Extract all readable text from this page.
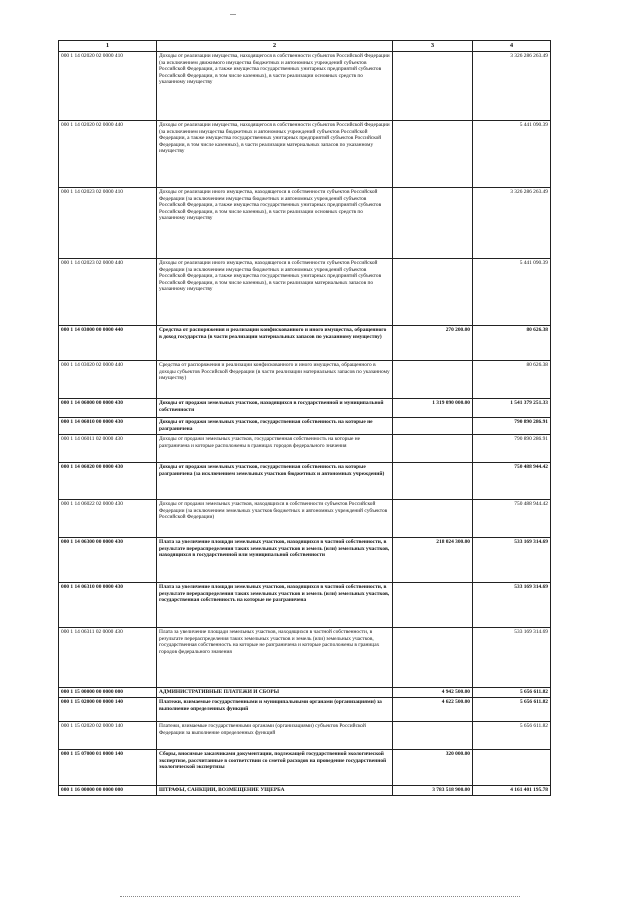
1	2	3	4
000 1 14 02020 02 0000 410	Доходы от реализации имущества, находящегося в собственности субъектов Российской Федерации (за исключением движимого имущества бюджетных и автономных учреждений субъектов Российской Федерации, а также имущества государственных унитарных предприятий субъектов Российской Федерации, в том числе казенных), в части реализации основных средств по указанному имуществу		3 326 286 263.49
000 1 14 02020 02 0000 440	Доходы от реализации имущества, находящегося в собственности субъектов Российской Федерации (за исключением имущества бюджетных и автономных учреждений субъектов Российской Федерации, а также имущества государственных унитарных предприятий субъектов Российской Федерации, в том числе казенных), в части реализации материальных запасов по указанному имуществу		5 441 090.39
000 1 14 02023 02 0000 410	Доходы от реализации иного имущества, находящегося в собственности субъектов Российской Федерации (за исключением имущества бюджетных и автономных учреждений субъектов Российской Федерации, а также имущества государственных унитарных предприятий субъектов Российской Федерации, в том числе казенных), в части реализации основных средств по указанному имуществу		3 326 286 263.49
000 1 14 02023 02 0000 440	Доходы от реализации иного имущества, находящегося в собственности субъектов Российской Федерации (за исключением имущества бюджетных и автономных учреждений субъектов Российской Федерации, а также имущества государственных унитарных предприятий субъектов Российской Федерации, в том числе казенных), в части реализации материальных запасов по указанному имуществу		5 441 090.39
000 1 14 03000 00 0000 440	Средства от распоряжения и реализации конфискованного и иного имущества, обращенного в доход государства (в части реализации материальных запасов по указанному имуществу)	270 200.00	80 626.38
000 1 14 03020 02 0000 440	Средства от распоряжения и реализации конфискованного и иного имущества, обращенного в доходы субъектов Российской Федерации (в части реализации материальных запасов по указанному имуществу)		80 626.38
000 1 14 06000 00 0000 430	Доходы от продажи земельных участков, находящихся в государственной и муниципальной собственности	1 319 090 000.00	1 541 379 251.33
000 1 14 06010 00 0000 430	Доходы от продажи земельных участков, государственная собственность на которые не разграничена		790 890 286.91
000 1 14 06011 02 0000 430	Доходы от продажи земельных участков, государственная собственность на которые не разграничена и которые расположены в границах городов федерального значения		790 890 286.91
000 1 14 06020 00 0000 430	Доходы от продажи земельных участков, государственная собственность на которые разграничена (за исключением земельных участков бюджетных и автономных учреждений)		750 488 944.42
000 1 14 06022 02 0000 430	Доходы от продажи земельных участков, находящихся в собственности субъектов Российской Федерации (за исключением земельных участков бюджетных и автономных учреждений субъектов Российской Федерации)		750 488 944.42
000 1 14 06300 00 0000 430	Плата за увеличение площади земельных участков, находящихся в частной собственности, в результате перераспределения таких земельных участков и земель (или) земельных участков, находящихся в государственной или муниципальной собственности	218 024 300.00	533 169 314.69
000 1 14 06310 00 0000 430	Плата за увеличение площади земельных участков, находящихся в частной собственности, в результате перераспределения таких земельных участков и земель (или) земельных участков, государственная собственность на которые не разграничена		533 169 314.69
000 1 14 06311 02 0000 430	Плата за увеличение площади земельных участков, находящихся в частной собственности, в результате перераспределения таких земельных участков и земель (или) земельных участков, государственная собственность на которые не разграничена и которые расположены в границах городов федерального значения		533 169 314.69
000 1 15 00000 00 0000 000	АДМИНИСТРАТИВНЫЕ ПЛАТЕЖИ И СБОРЫ	4 942 500.00	5 656 611.82
000 1 15 02000 00 0000 140	Платежи, взимаемые государственными и муниципальными органами (организациями) за выполнение определенных функций	4 622 500.00	5 656 611.82
000 1 15 02020 02 0000 140	Платежи, взимаемые государственными органами (организациями) субъектов Российской Федерации за выполнение определенных функций		5 656 611.82
000 1 15 07000 01 0000 140	Сборы, вносимые заказчиками документации, подлежащей государственной экологической экспертизе, рассчитанные в соответствии со сметой расходов на проведение государственной экологической экспертизы	320 000.00	
000 1 16 00000 00 0000 000	ШТРАФЫ, САНКЦИИ, ВОЗМЕЩЕНИЕ УЩЕРБА	3 783 518 900.00	4 161 401 195.78
